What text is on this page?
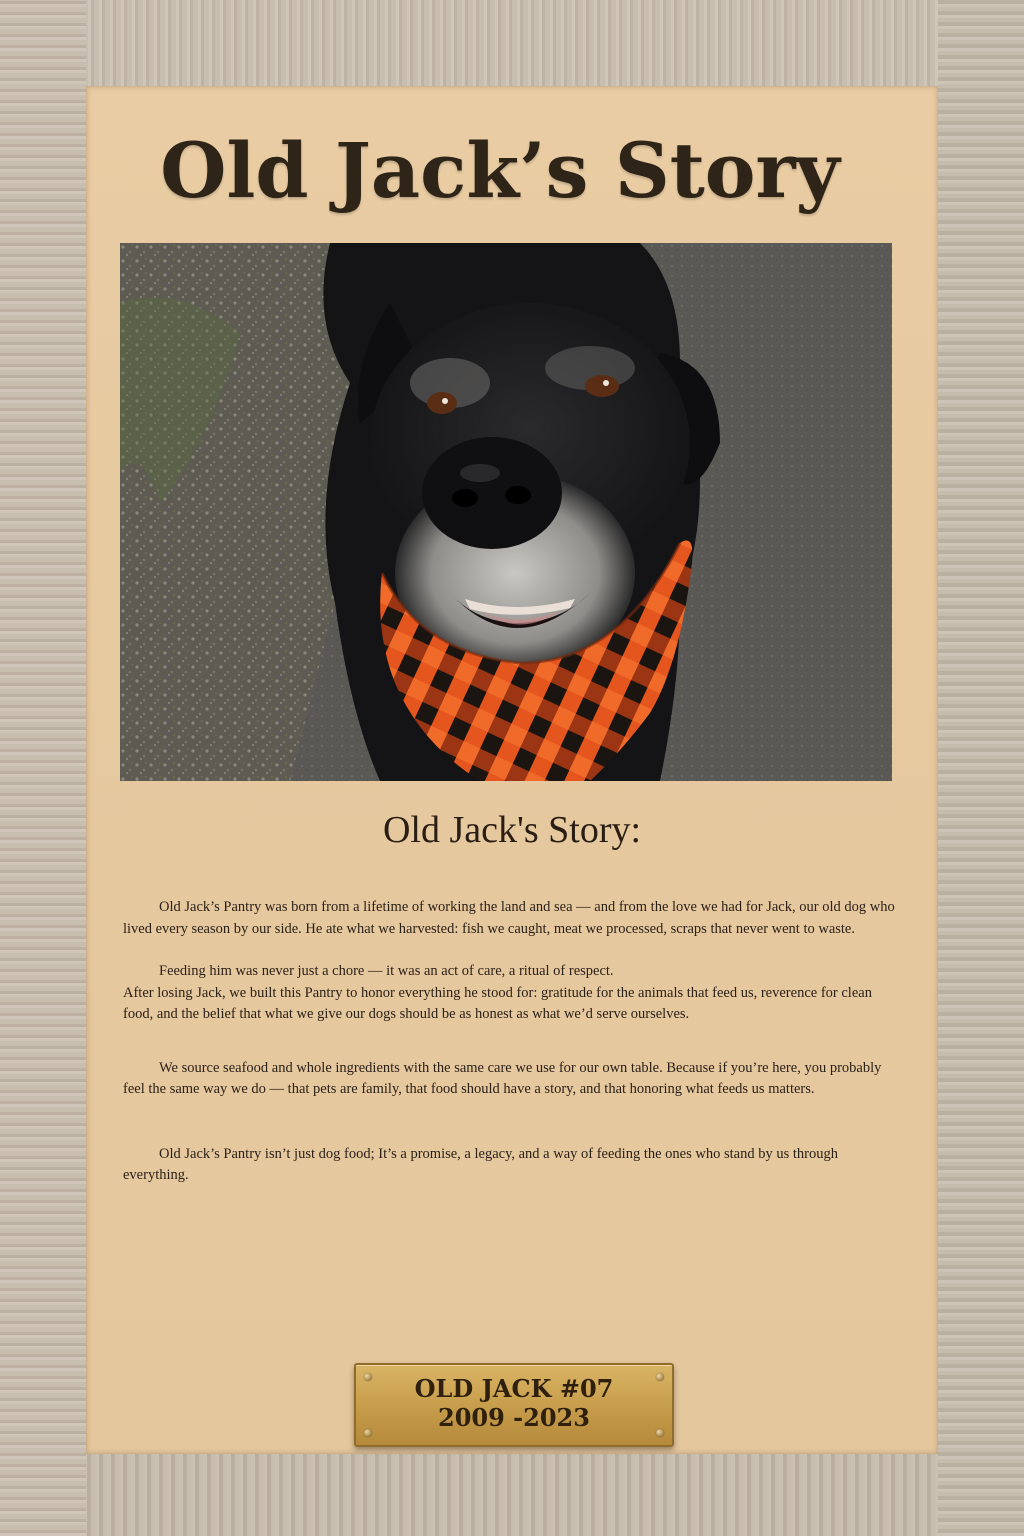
Old Jack’s Story
Old Jack's Story:

Old Jack’s Pantry was born from a lifetime of working the land and sea — and from the love we had for Jack, our old dog who lived every season by our side. He ate what we harvested: fish we caught, meat we processed, scraps that never went to waste.

Feeding him was never just a chore — it was an act of care, a ritual of respect.
After losing Jack, we built this Pantry to honor everything he stood for: gratitude for the animals that feed us, reverence for clean food, and the belief that what we give our dogs should be as honest as what we’d serve ourselves.

We source seafood and whole ingredients with the same care we use for our own table. Because if you’re here, you probably feel the same way we do — that pets are family, that food should have a story, and that honoring what feeds us matters.

Old Jack’s Pantry isn’t just dog food; It’s a promise, a legacy, and a way of feeding the ones who stand by us through everything.

OLD JACK #07
2009 -2023
